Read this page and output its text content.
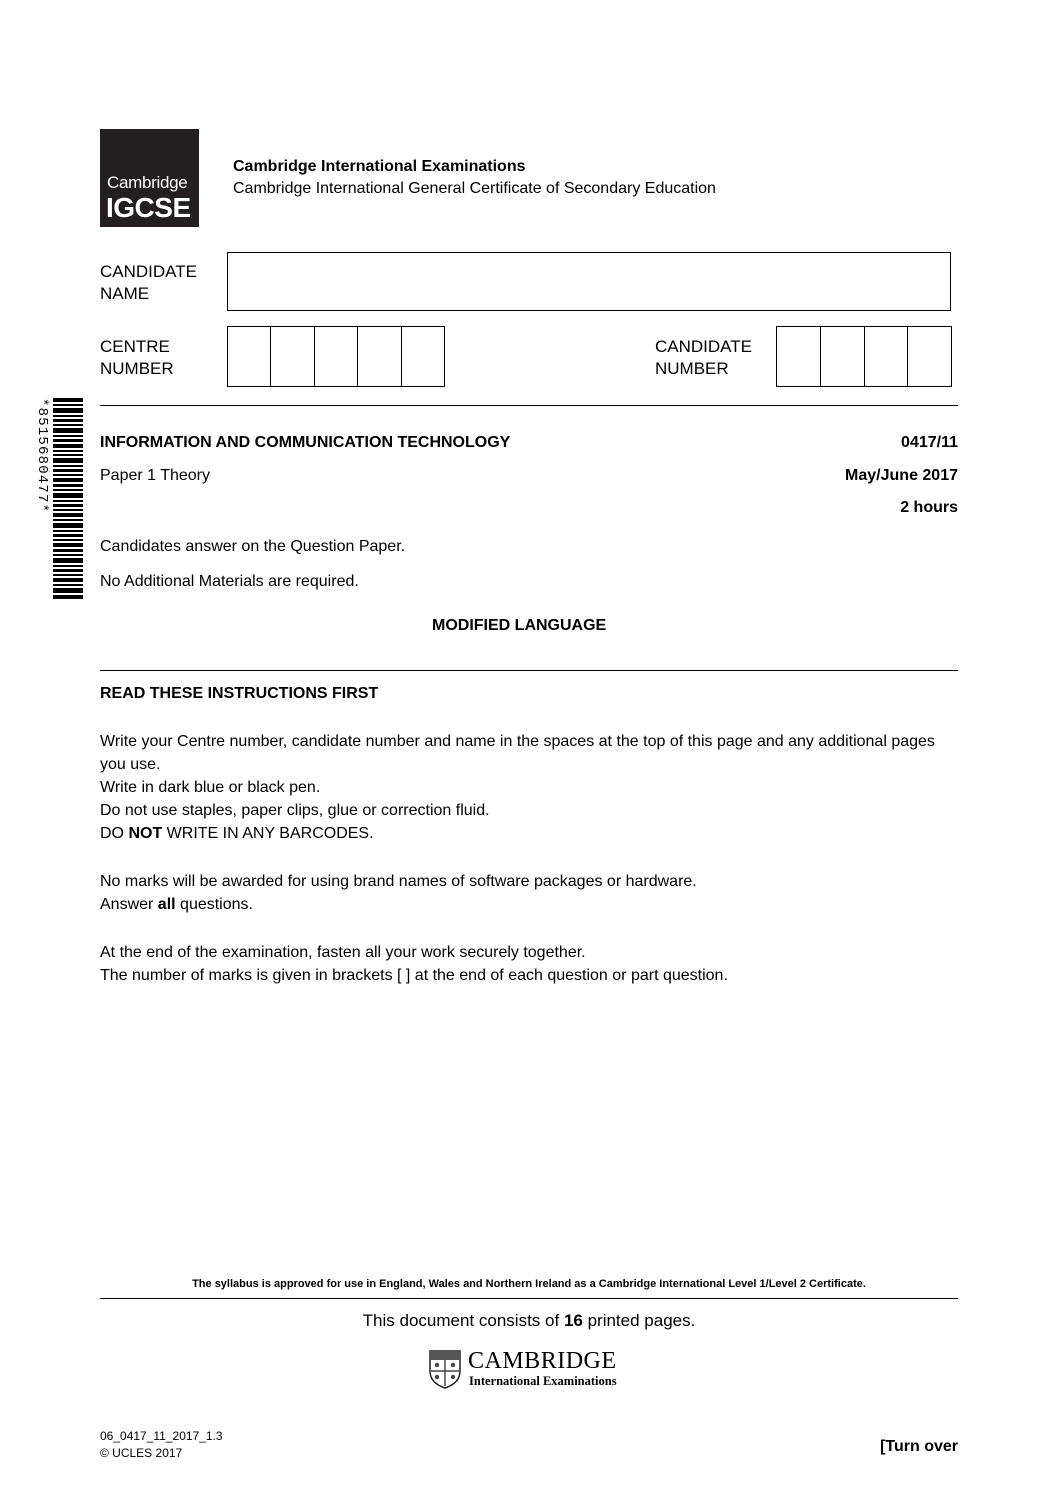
Cambridge
IGCSE
Cambridge International Examinations
Cambridge International General Certificate of Secondary Education
CANDIDATE
NAME
CENTRE
NUMBER
CANDIDATE
NUMBER
*8515680477*	INFORMATION AND COMMUNICATION TECHNOLOGY	0417/11
Paper 1 Theory	May/June 2017
2 hours
Candidates answer on the Question Paper.
No Additional Materials are required.
MODIFIED LANGUAGE
READ THESE INSTRUCTIONS FIRST
Write your Centre number, candidate number and name in the spaces at the top of this page and any additional pages you use.
Write in dark blue or black pen.
Do not use staples, paper clips, glue or correction fluid.
DO NOT WRITE IN ANY BARCODES.
No marks will be awarded for using brand names of software packages or hardware.
Answer all questions.
At the end of the examination, fasten all your work securely together.
The number of marks is given in brackets [ ] at the end of each question or part question.
The syllabus is approved for use in England, Wales and Northern Ireland as a Cambridge International Level 1/Level 2 Certificate.
This document consists of 16 printed pages.
CAMBRIDGE
International Examinations
06_0417_11_2017_1.3
© UCLES 2017	[Turn over
